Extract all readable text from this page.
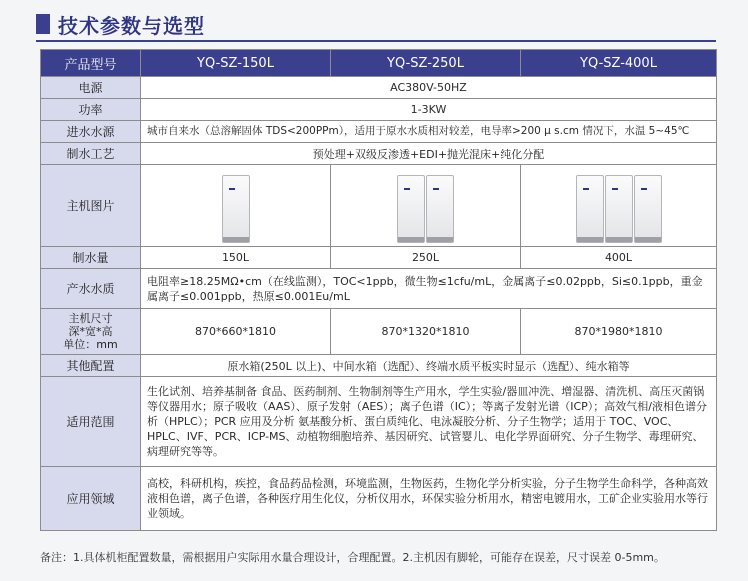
技术参数与选型
产品型号	YQ-SZ-150L	YQ-SZ-250L	YQ-SZ-400L
电源	AC380V-50HZ		
功率	1-3KW		
进水水源	城市自来水（总溶解固体 TDS<200PPm），适用于原水水质相对较差，电导率>200 μ s.cm 情况下，水温 5~45℃		
制水工艺	预处理+双级反渗透+EDI+抛光混床+纯化分配		
主机图片	

制水量	150L	250L	400L
产水水质	电阻率≥18.25MΩ•cm（在线监测），TOC<1ppb，微生物≤1cfu/mL，金属离子≤0.02ppb，Si≤0.1ppb，重金属离子≤0.001ppb，热原≤0.001Eu/mL		
主机尺寸
深*宽*高
单位：mm	870*660*1810	870*1320*1810	870*1980*1810
其他配置	原水箱(250L 以上)、中间水箱（选配）、终端水质平板实时显示（选配）、纯水箱等		
适用范围	生化试剂、培养基制备 食品、医药制剂、生物制剂等生产用水，学生实验/器皿冲洗、增湿器、清洗机、高压灭菌锅等仪器用水；原子吸收（AAS）、原子发射（AES）；离子色谱（IC）；等离子发射光谱（ICP）；高效气相/液相色谱分析（HPLC）；PCR 应用及分析 氨基酸分析、蛋白质纯化、电泳凝胶分析、分子生物学；适用于 TOC、VOC、HPLC、IVF、PCR、ICP-MS、动植物细胞培养、基因研究、试管婴儿、电化学界面研究、分子生物学、毒理研究、病理研究等等。		
应用领域	高校，科研机构，疾控，食品药品检测，环境监测，生物医药，生物化学分析实验，分子生物学生命科学，各种高效液相色谱，离子色谱，各种医疗用生化仪，分析仪用水，环保实验分析用水，精密电镀用水，工矿企业实验用水等行业领域。		
备注：1.具体机柜配置数量，需根据用户实际用水量合理设计，合理配置。2.主机因有脚轮，可能存在误差，尺寸误差 0-5mm。
